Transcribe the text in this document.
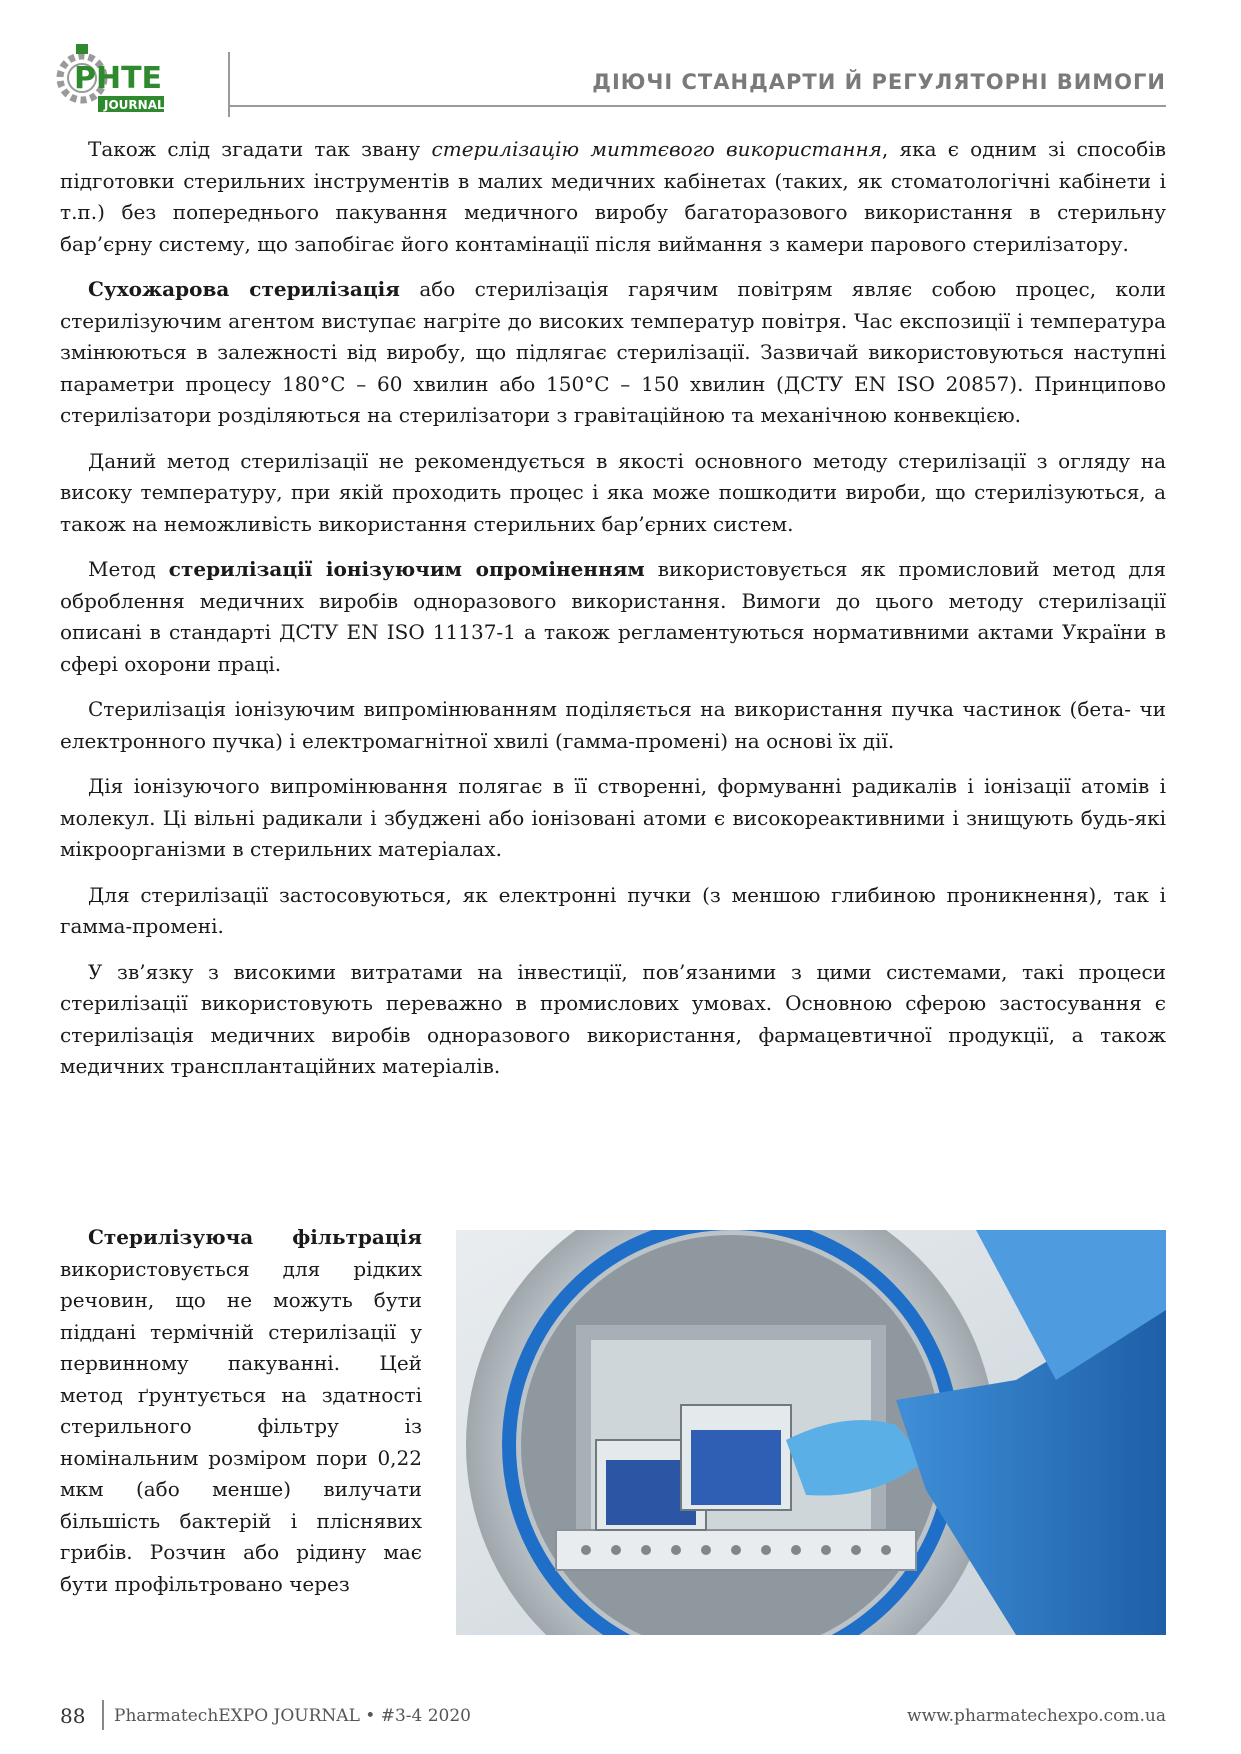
PHTE
JOURNAL
ДІЮЧІ СТАНДАРТИ Й РЕГУЛЯТОРНІ ВИМОГИ

Також слід згадати так звану стерилізацію миттєвого використання, яка є одним зі способів підготовки стерильних інструментів в малих медичних кабінетах (таких, як стоматологічні кабінети і т.п.) без попереднього пакування медичного виробу багаторазового використання в стерильну бар’єрну систему, що запобігає його контамінації після виймання з камери парового стерилізатору.

Сухожарова стерилізація або стерилізація гарячим повітрям являє собою процес, коли стерилізуючим агентом виступає нагріте до високих температур повітря. Час експозиції і температура змінюються в залежності від виробу, що підлягає стерилізації. Зазвичай використовуються наступні параметри процесу 180°С – 60 хвилин або 150°С – 150 хвилин (ДСТУ EN ISO 20857). Принципово стерилізатори розділяються на стерилізатори з гравітаційною та механічною конвекцією.

Даний метод стерилізації не рекомендується в якості основного методу стерилізації з огляду на високу температуру, при якій проходить процес і яка може пошкодити вироби, що стерилізуються, а також на неможливість використання стерильних бар’єрних систем.

Метод стерилізації іонізуючим опроміненням використовується як промисловий метод для оброблення медичних виробів одноразового використання. Вимоги до цього методу стерилізації описані в стандарті ДСТУ EN ISO 11137-1 а також регламентуються нормативними актами України в сфері охорони праці.

Стерилізація іонізуючим випромінюванням поділяється на використання пучка частинок (бета- чи електронного пучка) і електромагнітної хвилі (гамма-промені) на основі їх дії.

Дія іонізуючого випромінювання полягає в її створенні, формуванні радикалів і іонізації атомів і молекул. Ці вільні радикали і збуджені або іонізовані атоми є високореактивними і знищують будь-які мікроорганізми в стерильних матеріалах.

Для стерилізації застосовуються, як електронні пучки (з меншою глибиною проникнення), так і гамма-промені.

У зв’язку з високими витратами на інвестиції, пов’язаними з цими системами, такі процеси стерилізації використовують переважно в промислових умовах. Основною сферою застосування є стерилізація медичних виробів одноразового використання, фармацевтичної продукції, а також медичних трансплантаційних матеріалів.

Стерилізуюча фільтрація використовується для рідких речовин, що не можуть бути піддані термічній стерилізації у первинному пакуванні. Цей метод ґрунтується на здатності стерильного фільтру із номінальним розміром пори 0,22 мкм (або менше) вилучати більшість бактерій і пліснявих грибів. Розчин або рідину має бути профільтровано через

88 PharmatechEXPO JOURNAL • #3-4 2020	www.pharmatechexpo.com.ua
